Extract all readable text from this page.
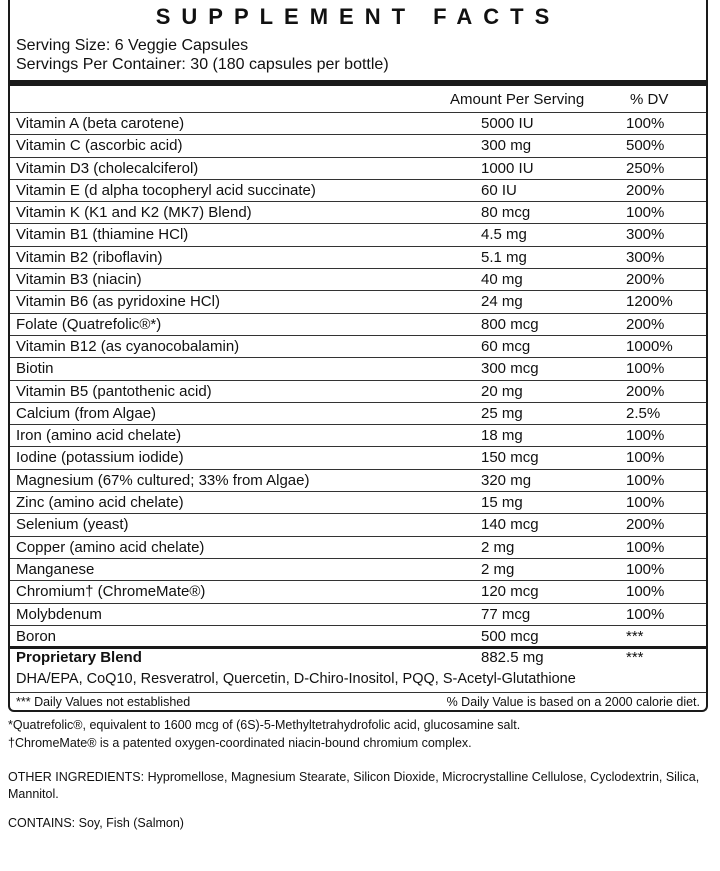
SUPPLEMENT FACTS
Serving Size: 6 Veggie Capsules
Servings Per Container: 30 (180 capsules per bottle)
Amount Per Serving	% DV
Vitamin A (beta carotene)	5000 IU	100%
Vitamin C (ascorbic acid)	300 mg	500%
Vitamin D3 (cholecalciferol)	1000 IU	250%
Vitamin E (d alpha tocopheryl acid succinate)	60 IU	200%
Vitamin K (K1 and K2 (MK7) Blend)	80 mcg	100%
Vitamin B1 (thiamine HCl)	4.5 mg	300%
Vitamin B2 (riboflavin)	5.1 mg	300%
Vitamin B3 (niacin)	40 mg	200%
Vitamin B6 (as pyridoxine HCl)	24 mg	1200%
Folate (Quatrefolic®*)	800 mcg	200%
Vitamin B12 (as cyanocobalamin)	60 mcg	1000%
Biotin	300 mcg	100%
Vitamin B5 (pantothenic acid)	20 mg	200%
Calcium (from Algae)	25 mg	2.5%
Iron (amino acid chelate)	18 mg	100%
Iodine (potassium iodide)	150 mcg	100%
Magnesium (67% cultured; 33% from Algae)	320 mg	100%
Zinc (amino acid chelate)	15 mg	100%
Selenium (yeast)	140 mcg	200%
Copper (amino acid chelate)	2 mg	100%
Manganese	2 mg	100%
Chromium† (ChromeMate®)	120 mcg	100%
Molybdenum	77 mcg	100%
Boron	500 mcg	***
Proprietary Blend	882.5 mg	***
DHA/EPA, CoQ10, Resveratrol, Quercetin, D-Chiro-Inositol, PQQ, S-Acetyl-Glutathione
*** Daily Values not established	% Daily Value is based on a 2000 calorie diet.
*Quatrefolic®, equivalent to 1600 mcg of (6S)-5-Methyltetrahydrofolic acid, glucosamine salt.
†ChromeMate® is a patented oxygen-coordinated niacin-bound chromium complex.
OTHER INGREDIENTS: Hypromellose, Magnesium Stearate, Silicon Dioxide, Microcrystalline Cellulose, Cyclodextrin, Silica, Mannitol.
CONTAINS: Soy, Fish (Salmon)
